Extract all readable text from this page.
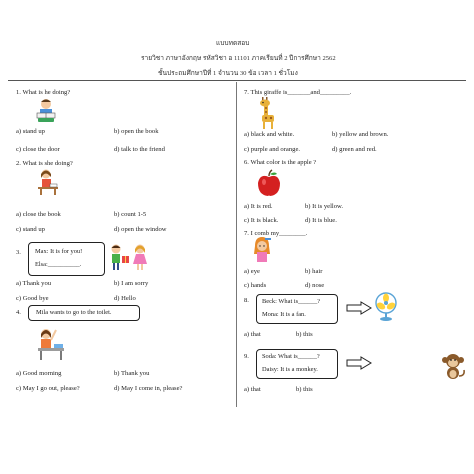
แบบทดสอบ
รายวิชา ภาษาอังกฤษ รหัสวิชา อ 11101 ภาคเรียนที่ 2 ปีการศึกษา 2562
ชั้นประถมศึกษาปีที่ 1 จำนวน 30 ข้อ เวลา 1 ชั่วโมง
1. What is he doing?
a) stand up	b) open the book
c) close the door	d) talk to the friend
2. What is she doing?
a) close the book	b) count 1-5
c) stand up	d) open the window
3. Max: It is for you!
Elsa:__________.
a) Thank you	b) I am sorry
c) Good bye	d) Hello
4. Mila wants to go to the toilet.
a) Good morning	b) Thank you
c) May I go out, please?	d) May I come in, please?
7. This giraffe is_______and_________.
a) black and white.	b) yellow and brown.
c) purple and orange.	d) green and red.
6. What color is the apple ?
a) It is red.	b) It is yellow.
c) It is black.	d) It is blue.
7. I comb my________.
a) eye	b) hair
c) hands	d) nose
8. Beck: What is______?
Mona: It is a fan.
a) that	b) this
9. Soda: What is______?
Daisy: It is a monkey.
a) that	b) this
